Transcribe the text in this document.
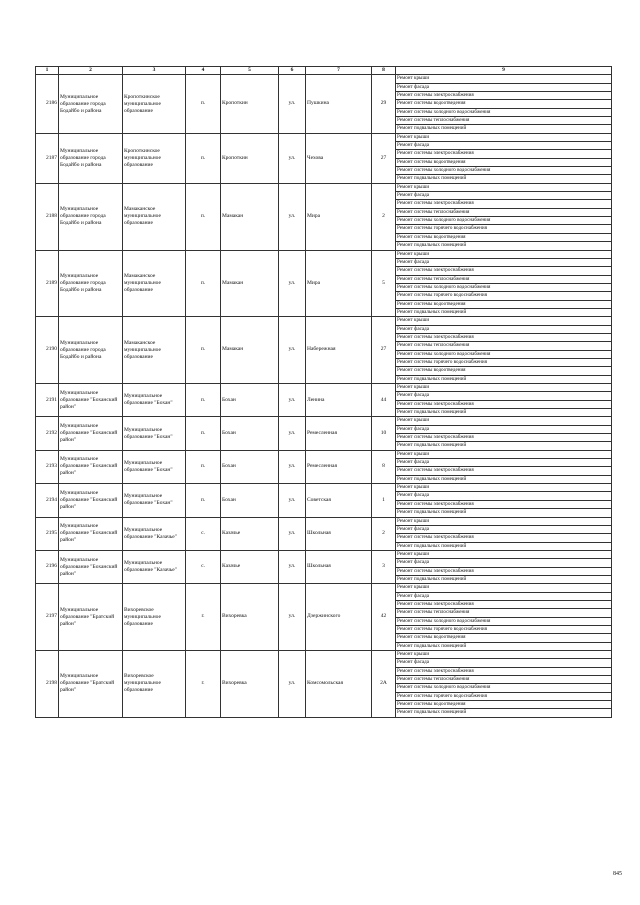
1	2	3	4	5	6	7	8	9
2186	Муниципальное образование города Бодайбо и района	Кропоткинское муниципальное образование	п.	Кропоткин	ул.	Пушкина	29	Ремонт крыши
								Ремонт фасада
								Ремонт системы электроснабжения
								Ремонт системы водоотведения
								Ремонт системы холодного водоснабжения
								Ремонт системы теплоснабжения
								Ремонт подвальных помещений
2187	Муниципальное образование города Бодайбо и района	Кропоткинское муниципальное образование	п.	Кропоткин	ул.	Чехова	27	Ремонт крыши
								Ремонт фасада
								Ремонт системы электроснабжения
								Ремонт системы водоотведения
								Ремонт системы холодного водоснабжения
								Ремонт подвальных помещений
2188	Муниципальное образование города Бодайбо и района	Мамаканское муниципальное образование	п.	Мамакан	ул.	Мира	2	Ремонт крыши
								Ремонт фасада
								Ремонт системы электроснабжения
								Ремонт системы теплоснабжения
								Ремонт системы холодного водоснабжения
								Ремонт системы горячего водоснабжения
								Ремонт системы водоотведения
								Ремонт подвальных помещений
2189	Муниципальное образование города Бодайбо и района	Мамаканское муниципальное образование	п.	Мамакан	ул.	Мира	5	Ремонт крыши
								Ремонт фасада
								Ремонт системы электроснабжения
								Ремонт системы теплоснабжения
								Ремонт системы холодного водоснабжения
								Ремонт системы горячего водоснабжения
								Ремонт системы водоотведения
								Ремонт подвальных помещений
2190	Муниципальное образование города Бодайбо и района	Мамаканское муниципальное образование	п.	Мамакан	ул.	Набережная	27	Ремонт крыши
								Ремонт фасада
								Ремонт системы электроснабжения
								Ремонт системы теплоснабжения
								Ремонт системы холодного водоснабжения
								Ремонт системы горячего водоснабжения
								Ремонт системы водоотведения
								Ремонт подвальных помещений
2191	Муниципальное образование "Боханский район"	Муниципальное образование "Бохан"	п.	Бохан	ул.	Ленина	44	Ремонт крыши
								Ремонт фасада
								Ремонт системы электроснабжения
								Ремонт подвальных помещений
2192	Муниципальное образование "Боханский район"	Муниципальное образование "Бохан"	п.	Бохан	ул.	Ремесленная	10	Ремонт крыши
								Ремонт фасада
								Ремонт системы электроснабжения
								Ремонт подвальных помещений
2193	Муниципальное образование "Боханский район"	Муниципальное образование "Бохан"	п.	Бохан	ул.	Ремесленная	8	Ремонт крыши
								Ремонт фасада
								Ремонт системы электроснабжения
								Ремонт подвальных помещений
2194	Муниципальное образование "Боханский район"	Муниципальное образование "Бохан"	п.	Бохан	ул.	Советская	1	Ремонт крыши
								Ремонт фасада
								Ремонт системы электроснабжения
								Ремонт подвальных помещений
2195	Муниципальное образование "Боханский район"	Муниципальное образование "Казачье"	с.	Казачье	ул.	Школьная	2	Ремонт крыши
								Ремонт фасада
								Ремонт системы электроснабжения
								Ремонт подвальных помещений
2196	Муниципальное образование "Боханский район"	Муниципальное образование "Казачье"	с.	Казачье	ул.	Школьная	3	Ремонт крыши
								Ремонт фасада
								Ремонт системы электроснабжения
								Ремонт подвальных помещений
2197	Муниципальное образование "Братский район"	Вихоревское муниципальное образование	г.	Вихоревка	ул.	Дзержинского	42	Ремонт крыши
								Ремонт фасада
								Ремонт системы электроснабжения
								Ремонт системы теплоснабжения
								Ремонт системы холодного водоснабжения
								Ремонт системы горячего водоснабжения
								Ремонт системы водоотведения
								Ремонт подвальных помещений
2198	Муниципальное образование "Братский район"	Вихоревское муниципальное образование	г.	Вихоревка	ул.	Комсомольская	2А	Ремонт крыши
								Ремонт фасада
								Ремонт системы электроснабжения
								Ремонт системы теплоснабжения
								Ремонт системы холодного водоснабжения
								Ремонт системы горячего водоснабжения
								Ремонт системы водоотведения
								Ремонт подвальных помещений
845
